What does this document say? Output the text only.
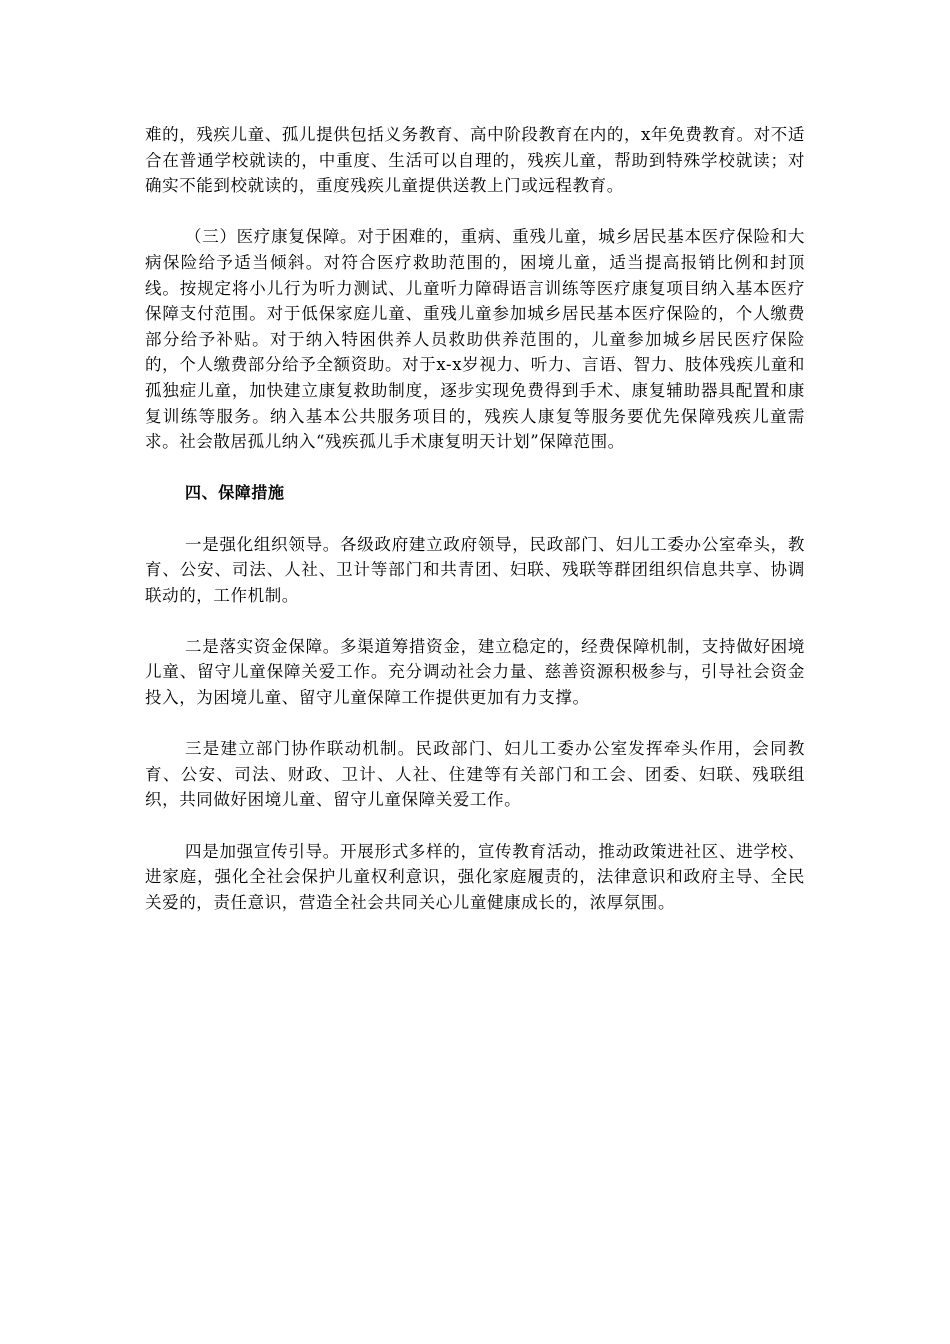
难的，残疾儿童、孤儿提供包括义务教育、高中阶段教育在内的，x年免费教育。对不适合在普通学校就读的，中重度、生活可以自理的，残疾儿童，帮助到特殊学校就读；对确实不能到校就读的，重度残疾儿童提供送教上门或远程教育。

（三）医疗康复保障。对于困难的，重病、重残儿童，城乡居民基本医疗保险和大病保险给予适当倾斜。对符合医疗救助范围的，困境儿童，适当提高报销比例和封顶线。按规定将小儿行为听力测试、儿童听力障碍语言训练等医疗康复项目纳入基本医疗保障支付范围。对于低保家庭儿童、重残儿童参加城乡居民基本医疗保险的，个人缴费部分给予补贴。对于纳入特困供养人员救助供养范围的，儿童参加城乡居民医疗保险的，个人缴费部分给予全额资助。对于x-x岁视力、听力、言语、智力、肢体残疾儿童和孤独症儿童，加快建立康复救助制度，逐步实现免费得到手术、康复辅助器具配置和康复训练等服务。纳入基本公共服务项目的，残疾人康复等服务要优先保障残疾儿童需求。社会散居孤儿纳入“残疾孤儿手术康复明天计划”保障范围。

四、保障措施

一是强化组织领导。各级政府建立政府领导，民政部门、妇儿工委办公室牵头，教育、公安、司法、人社、卫计等部门和共青团、妇联、残联等群团组织信息共享、协调联动的，工作机制。

二是落实资金保障。多渠道筹措资金，建立稳定的，经费保障机制，支持做好困境儿童、留守儿童保障关爱工作。充分调动社会力量、慈善资源积极参与，引导社会资金投入，为困境儿童、留守儿童保障工作提供更加有力支撑。

三是建立部门协作联动机制。民政部门、妇儿工委办公室发挥牵头作用，会同教育、公安、司法、财政、卫计、人社、住建等有关部门和工会、团委、妇联、残联组织，共同做好困境儿童、留守儿童保障关爱工作。

四是加强宣传引导。开展形式多样的，宣传教育活动，推动政策进社区、进学校、进家庭，强化全社会保护儿童权利意识，强化家庭履责的，法律意识和政府主导、全民关爱的，责任意识，营造全社会共同关心儿童健康成长的，浓厚氛围。
